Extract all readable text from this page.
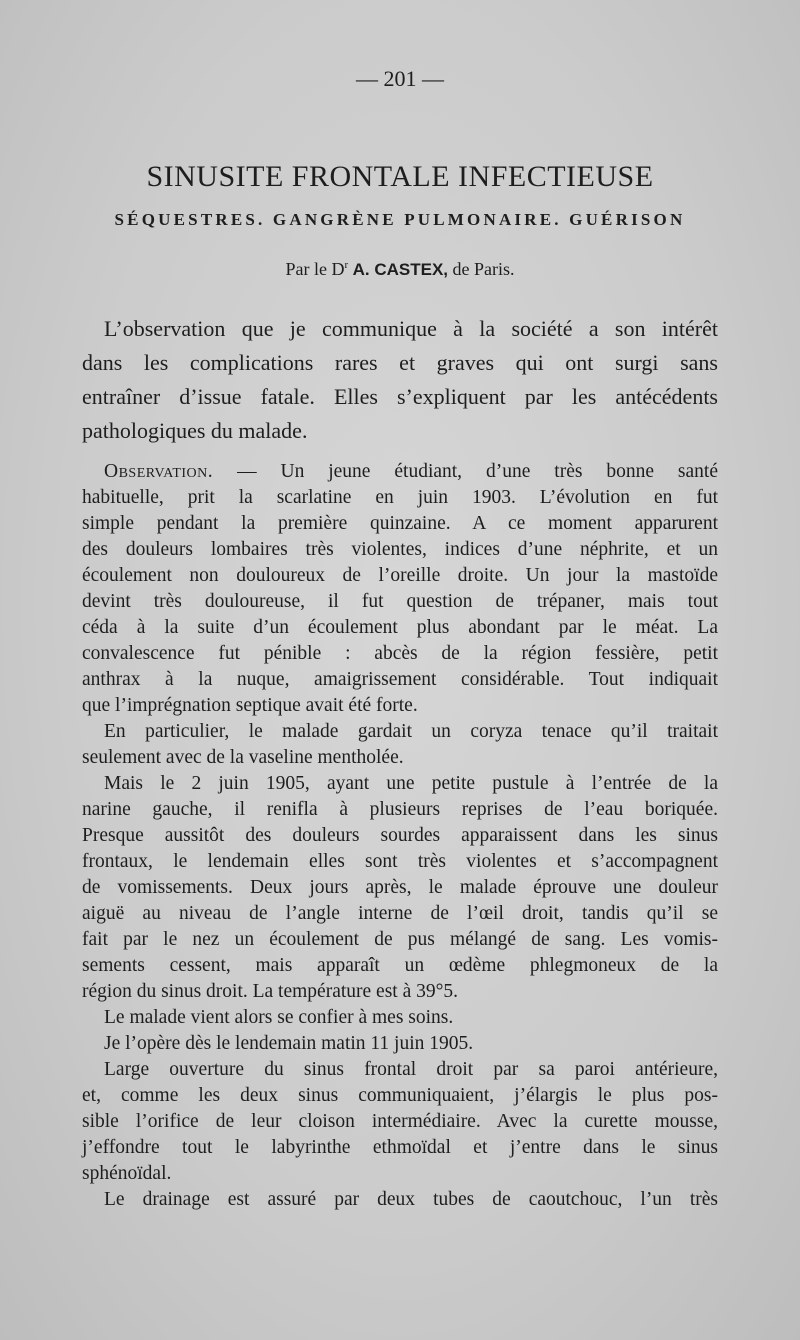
— 201 —
SINUSITE FRONTALE INFECTIEUSE
SÉQUESTRES. GANGRÈNE PULMONAIRE. GUÉRISON
Par le $D^r$ A. CASTEX, de Paris.
L’observation que je communique à la société a son intérêt
dans les complications rares et graves qui ont surgi sans
entraîner d’issue fatale. Elles s’expliquent par les antécédents
pathologiques du malade.
Observation. — Un jeune étudiant, d’une très bonne santé
habituelle, prit la scarlatine en juin 1903. L’évolution en fut
simple pendant la première quinzaine. A ce moment apparurent
des douleurs lombaires très violentes, indices d’une néphrite, et un
écoulement non douloureux de l’oreille droite. Un jour la mastoïde
devint très douloureuse, il fut question de trépaner, mais tout
céda à la suite d’un écoulement plus abondant par le méat. La
convalescence fut pénible : abcès de la région fessière, petit
anthrax à la nuque, amaigrissement considérable. Tout indiquait
que l’imprégnation septique avait été forte.
En particulier, le malade gardait un coryza tenace qu’il traitait
seulement avec de la vaseline mentholée.
Mais le 2 juin 1905, ayant une petite pustule à l’entrée de la
narine gauche, il renifla à plusieurs reprises de l’eau boriquée.
Presque aussitôt des douleurs sourdes apparaissent dans les sinus
frontaux, le lendemain elles sont très violentes et s’accompagnent
de vomissements. Deux jours après, le malade éprouve une douleur
aiguë au niveau de l’angle interne de l’œil droit, tandis qu’il se
fait par le nez un écoulement de pus mélangé de sang. Les vomis-
sements cessent, mais apparaît un œdème phlegmoneux de la
région du sinus droit. La température est à 39°5.
Le malade vient alors se confier à mes soins.
Je l’opère dès le lendemain matin 11 juin 1905.
Large ouverture du sinus frontal droit par sa paroi antérieure,
et, comme les deux sinus communiquaient, j’élargis le plus pos-
sible l’orifice de leur cloison intermédiaire. Avec la curette mousse,
j’effondre tout le labyrinthe ethmoïdal et j’entre dans le sinus
sphénoïdal.
Le drainage est assuré par deux tubes de caoutchouc, l’un très
